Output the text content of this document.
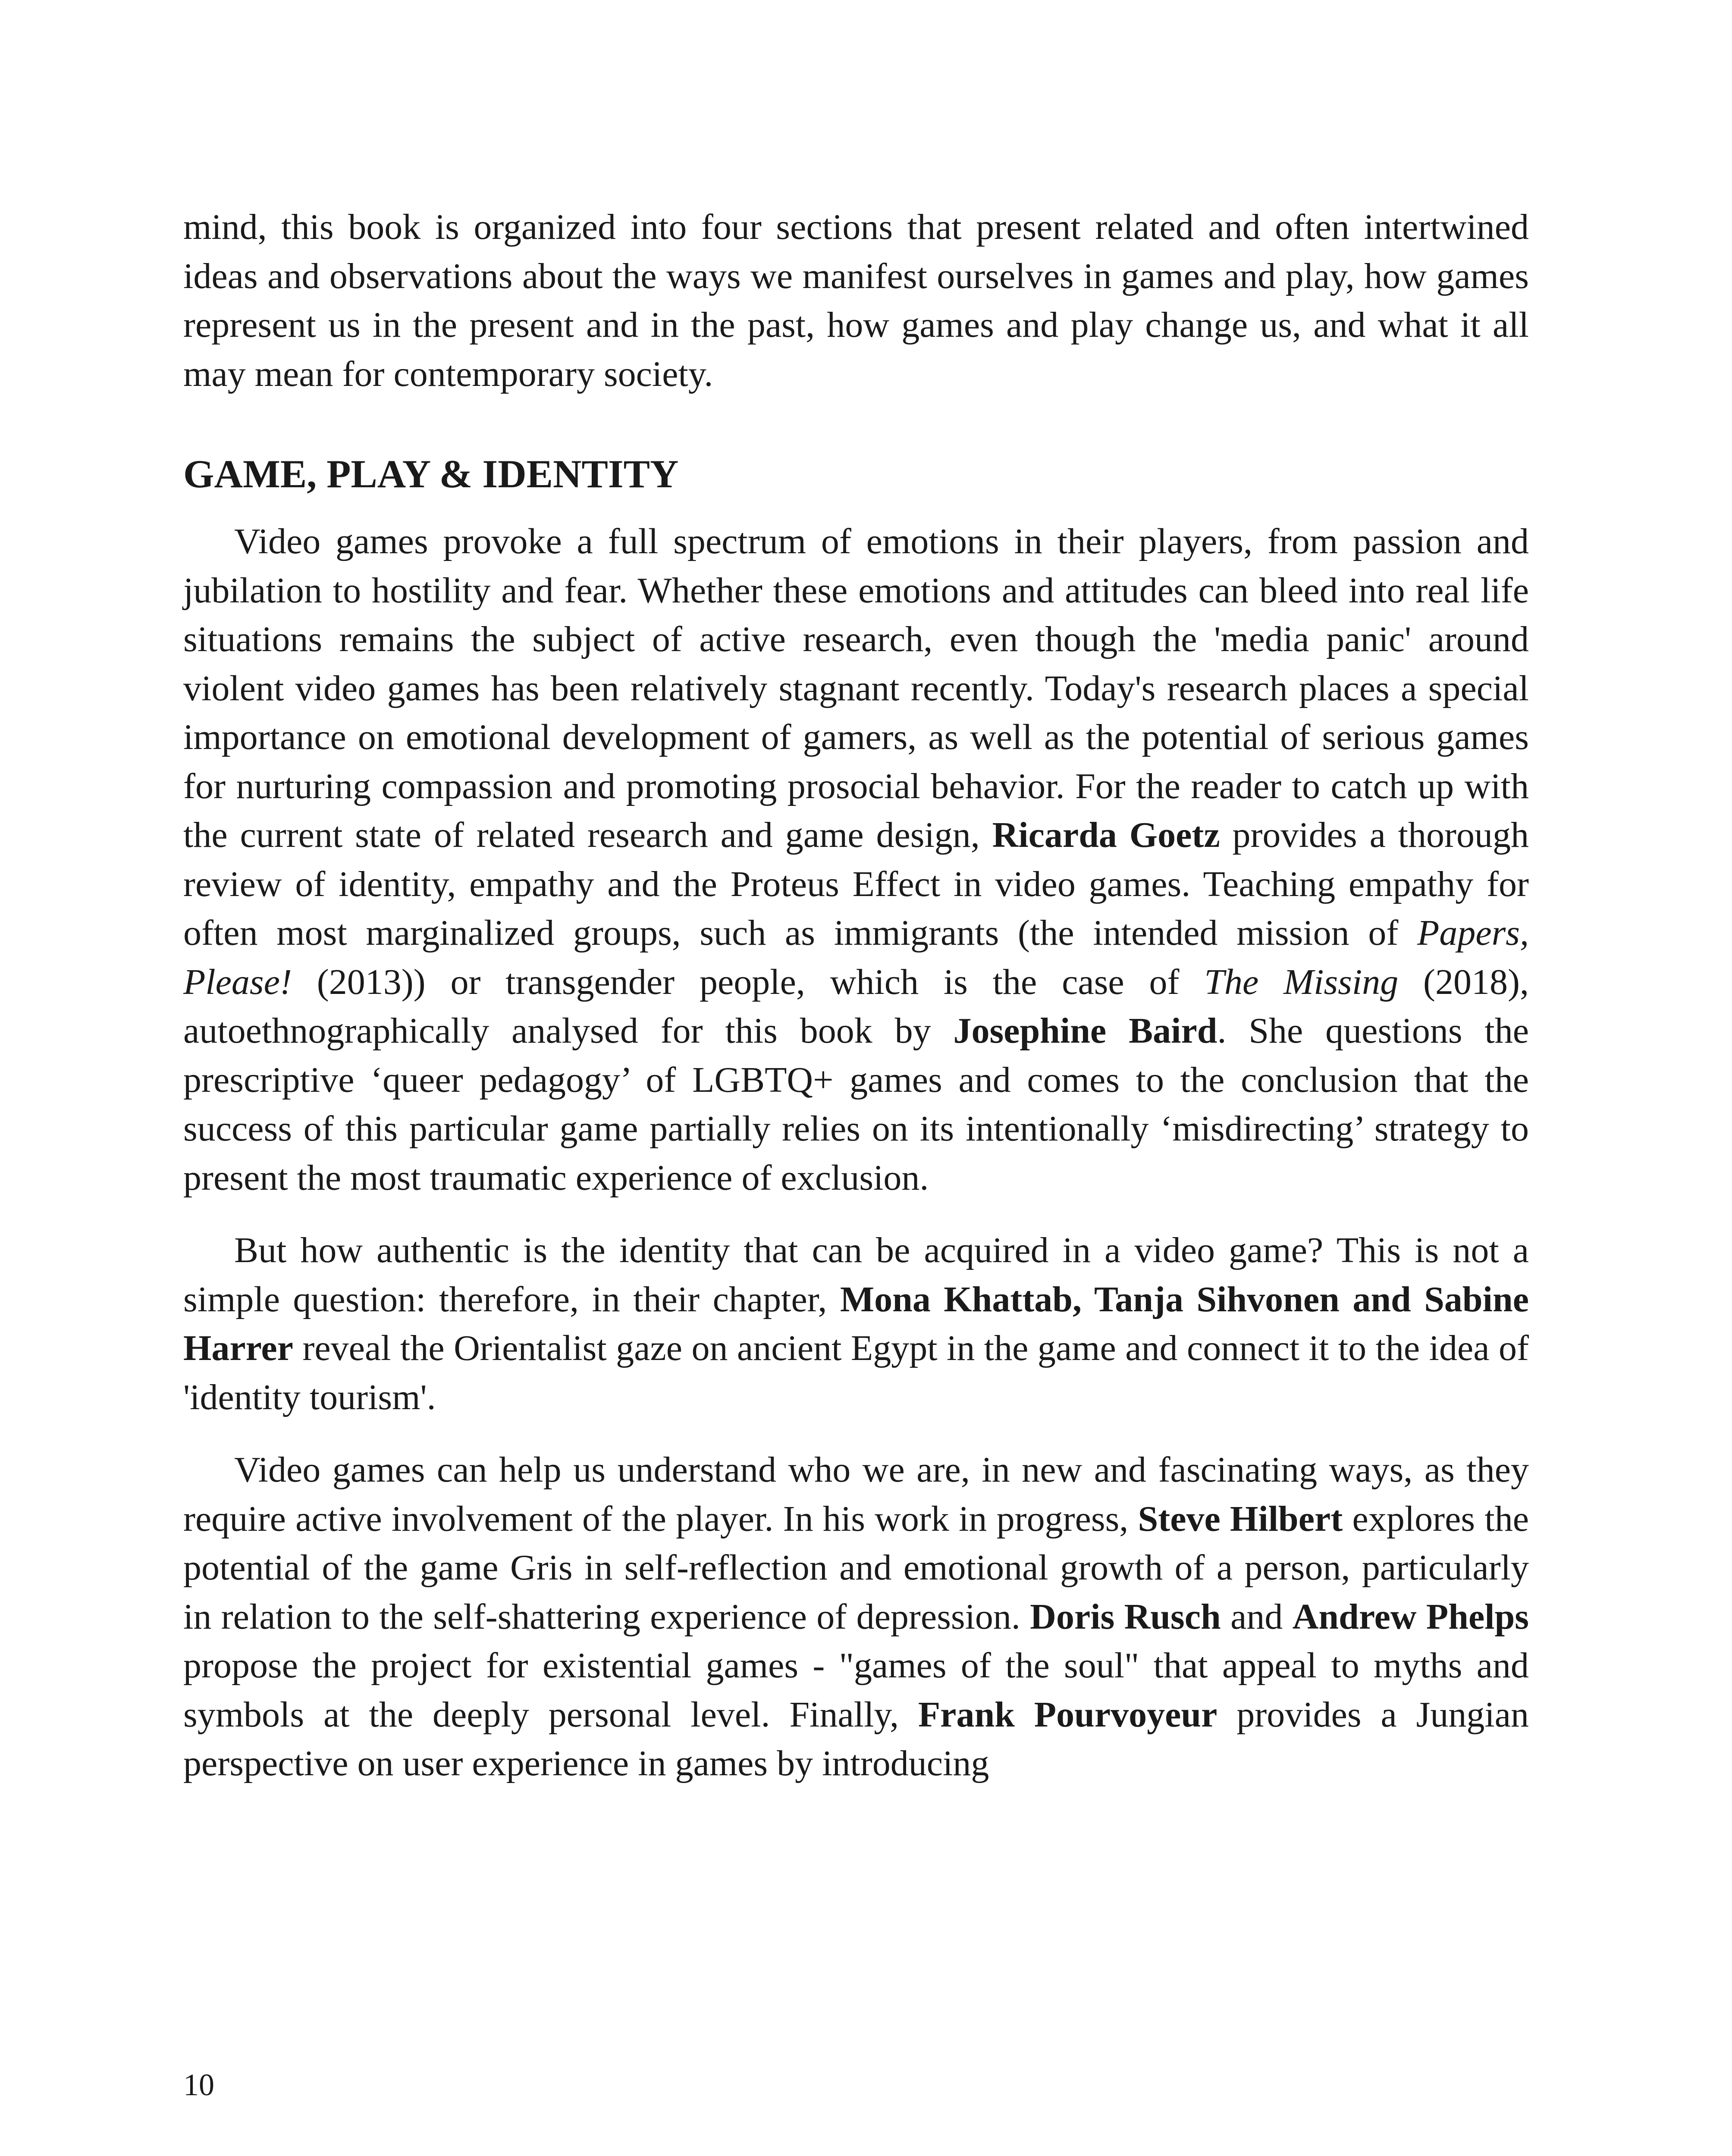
mind, this book is organized into four sections that present related and often intertwined ideas and observations about the ways we manifest ourselves in games and play, how games represent us in the present and in the past, how games and play change us, and what it all may mean for contemporary society.

GAME, PLAY & IDENTITY

Video games provoke a full spectrum of emotions in their players, from passion and jubilation to hostility and fear. Whether these emotions and attitudes can bleed into real life situations remains the subject of active research, even though the 'media panic' around violent video games has been relatively stagnant recently. Today's research places a special importance on emotional development of gamers, as well as the potential of serious games for nurturing compassion and promoting prosocial behavior. For the reader to catch up with the current state of related research and game design, Ricarda Goetz provides a thorough review of identity, empathy and the Proteus Effect in video games. Teaching empathy for often most marginalized groups, such as immigrants (the intended mission of Papers, Please! (2013)) or transgender people, which is the case of The Missing (2018), autoethnographically analysed for this book by Josephine Baird. She questions the prescriptive ‘queer pedagogy’ of LGBTQ+ games and comes to the conclusion that the success of this particular game partially relies on its intentionally ‘misdirecting’ strategy to present the most traumatic experience of exclusion.

But how authentic is the identity that can be acquired in a video game? This is not a simple question: therefore, in their chapter, Mona Khattab, Tanja Sihvonen and Sabine Harrer reveal the Orientalist gaze on ancient Egypt in the game and connect it to the idea of 'identity tourism'.

Video games can help us understand who we are, in new and fascinating ways, as they require active involvement of the player. In his work in progress, Steve Hilbert explores the potential of the game Gris in self-reflection and emotional growth of a person, particularly in relation to the self-shattering experience of depression. Doris Rusch and Andrew Phelps propose the project for existential games - "games of the soul" that appeal to myths and symbols at the deeply personal level. Finally, Frank Pourvoyeur provides a Jungian perspective on user experience in games by introducing

10
